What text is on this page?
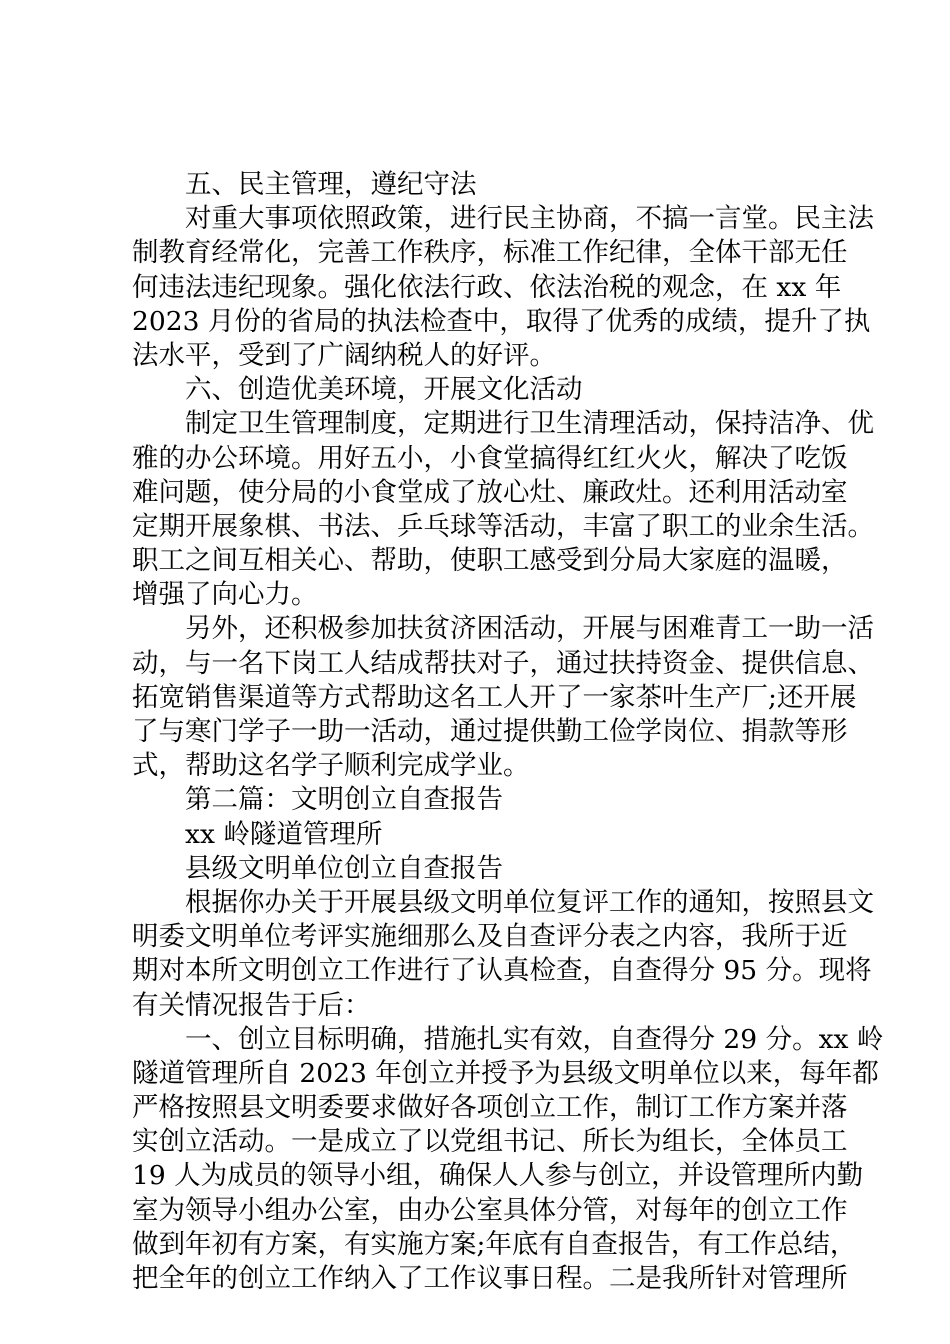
五、民主管理，遵纪守法
对重大事项依照政策，进行民主协商，不搞一言堂。民主法
制教育经常化，完善工作秩序，标准工作纪律，全体干部无任
何违法违纪现象。强化依法行政、依法治税的观念，在 xx 年
2023 月份的省局的执法检查中，取得了优秀的成绩，提升了执
法水平，受到了广阔纳税人的好评。
六、创造优美环境，开展文化活动
制定卫生管理制度，定期进行卫生清理活动，保持洁净、优
雅的办公环境。用好五小，小食堂搞得红红火火，解决了吃饭
难问题，使分局的小食堂成了放心灶、廉政灶。还利用活动室
定期开展象棋、书法、乒乓球等活动，丰富了职工的业余生活。
职工之间互相关心、帮助，使职工感受到分局大家庭的温暖，
增强了向心力。
另外，还积极参加扶贫济困活动，开展与困难青工一助一活
动，与一名下岗工人结成帮扶对子，通过扶持资金、提供信息、
拓宽销售渠道等方式帮助这名工人开了一家茶叶生产厂;还开展
了与寒门学子一助一活动，通过提供勤工俭学岗位、捐款等形
式，帮助这名学子顺利完成学业。
第二篇：文明创立自查报告
xx 岭隧道管理所
县级文明单位创立自查报告
根据你办关于开展县级文明单位复评工作的通知，按照县文
明委文明单位考评实施细那么及自查评分表之内容，我所于近
期对本所文明创立工作进行了认真检查，自查得分 95 分。现将
有关情况报告于后：
一、创立目标明确，措施扎实有效，自查得分 29 分。xx 岭
隧道管理所自 2023 年创立并授予为县级文明单位以来，每年都
严格按照县文明委要求做好各项创立工作，制订工作方案并落
实创立活动。一是成立了以党组书记、所长为组长，全体员工
19 人为成员的领导小组，确保人人参与创立，并设管理所内勤
室为领导小组办公室，由办公室具体分管，对每年的创立工作
做到年初有方案，有实施方案;年底有自查报告，有工作总结，
把全年的创立工作纳入了工作议事日程。二是我所针对管理所
